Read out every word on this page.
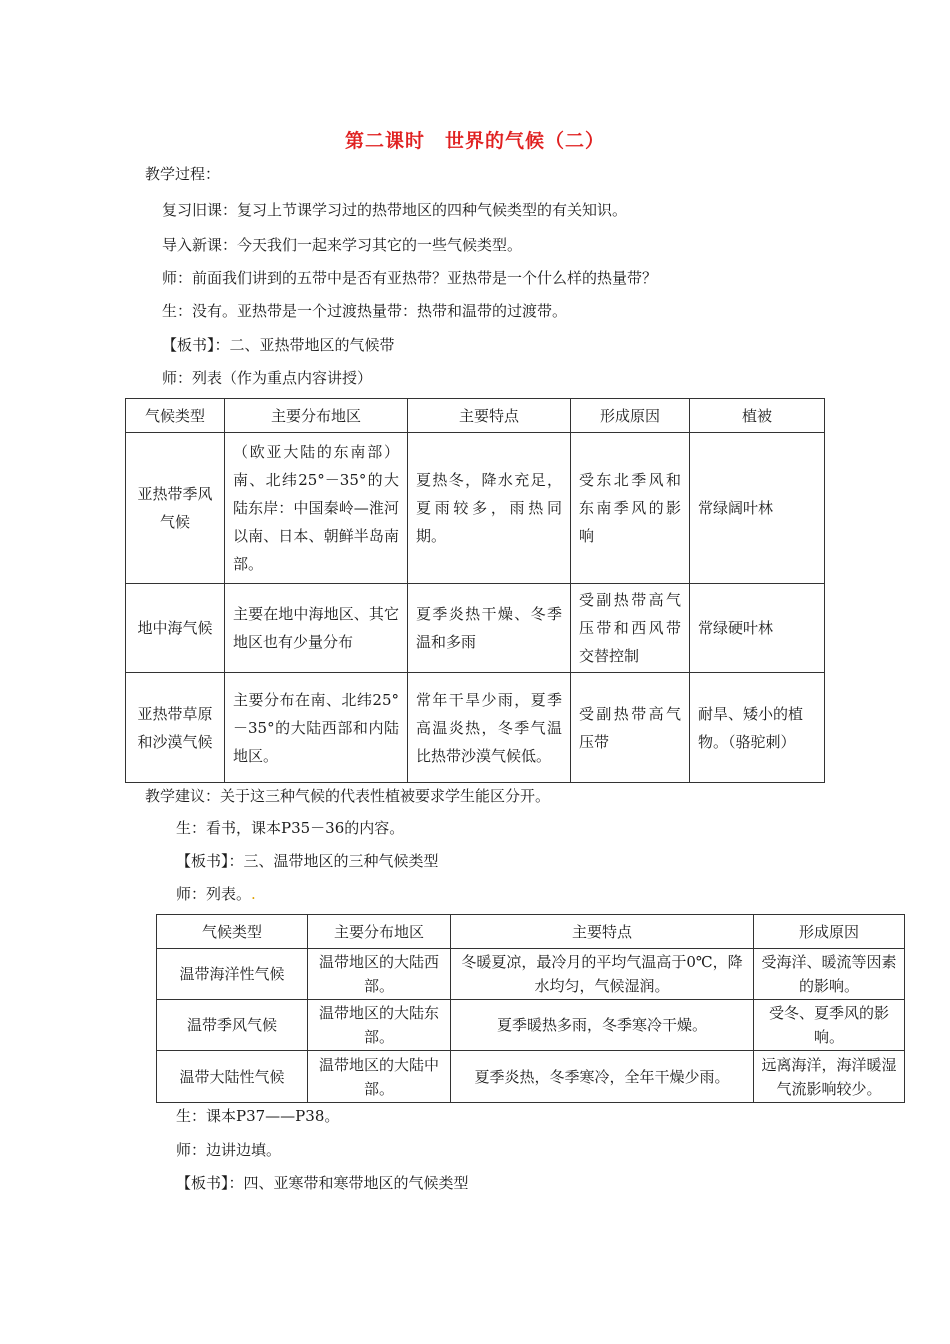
第二课时　世界的气候（二）
教学过程：
复习旧课：复习上节课学习过的热带地区的四种气候类型的有关知识。
导入新课：今天我们一起来学习其它的一些气候类型。
师：前面我们讲到的五带中是否有亚热带？亚热带是一个什么样的热量带？
生：没有。亚热带是一个过渡热量带：热带和温带的过渡带。
【板书】：二、亚热带地区的气候带
师：列表（作为重点内容讲授）
气候类型	主要分布地区	主要特点	形成原因	植被
亚热带季风气候	（欧亚大陆的东南部）南、北纬25°－35°的大陆东岸：中国秦岭—淮河以南、日本、朝鲜半岛南部。	夏热冬，降水充足，夏雨较多，雨热同期。	受东北季风和东南季风的影响	常绿阔叶林
地中海气候	主要在地中海地区、其它地区也有少量分布	夏季炎热干燥、冬季温和多雨	受副热带高气压带和西风带交替控制	常绿硬叶林
亚热带草原和沙漠气候	主要分布在南、北纬25°－35°的大陆西部和内陆地区。	常年干旱少雨，夏季高温炎热，冬季气温比热带沙漠气候低。	受副热带高气压带	耐旱、矮小的植物。（骆驼刺）
教学建议：关于这三种气候的代表性植被要求学生能区分开。
生：看书，课本P35－36的内容。
【板书】：三、温带地区的三种气候类型
师：列表。.
气候类型	主要分布地区	主要特点	形成原因
温带海洋性气候	温带地区的大陆西部。	冬暖夏凉，最冷月的平均气温高于0℃，降水均匀，气候湿润。	受海洋、暖流等因素的影响。
温带季风气候	温带地区的大陆东部。	夏季暖热多雨，冬季寒冷干燥。	受冬、夏季风的影响。
温带大陆性气候	温带地区的大陆中部。	夏季炎热，冬季寒冷，全年干燥少雨。	远离海洋，海洋暖湿气流影响较少。
生：课本P37——P38。
师：边讲边填。
【板书】：四、亚寒带和寒带地区的气候类型
